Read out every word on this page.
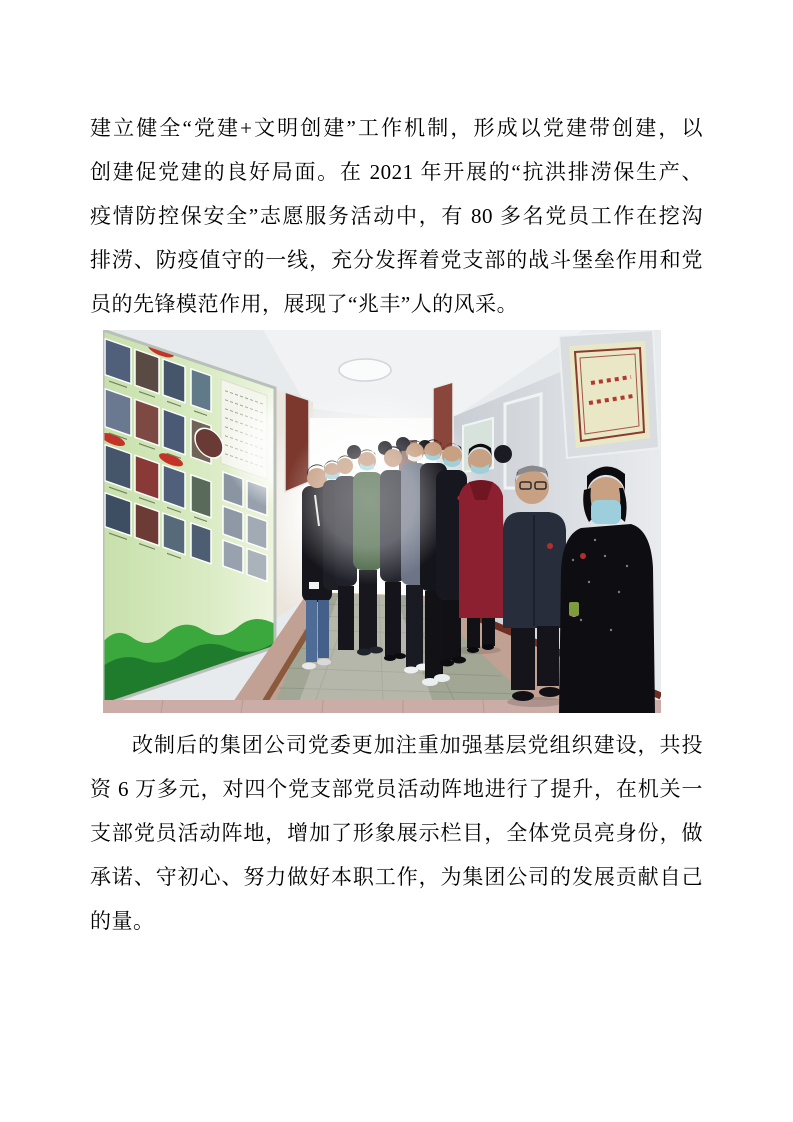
建立健全“党建+文明创建”工作机制，形成以党建带创建，以
创建促党建的良好局面。在 2021 年开展的“抗洪排涝保生产、
疫情防控保安全”志愿服务活动中，有 80 多名党员工作在挖沟
排涝、防疫值守的一线，充分发挥着党支部的战斗堡垒作用和党
员的先锋模范作用，展现了“兆丰”人的风采。
改制后的集团公司党委更加注重加强基层党组织建设，共投
资 6 万多元，对四个党支部党员活动阵地进行了提升，在机关一
支部党员活动阵地，增加了形象展示栏目，全体党员亮身份，做
承诺、守初心、努力做好本职工作，为集团公司的发展贡献自己
的量。
